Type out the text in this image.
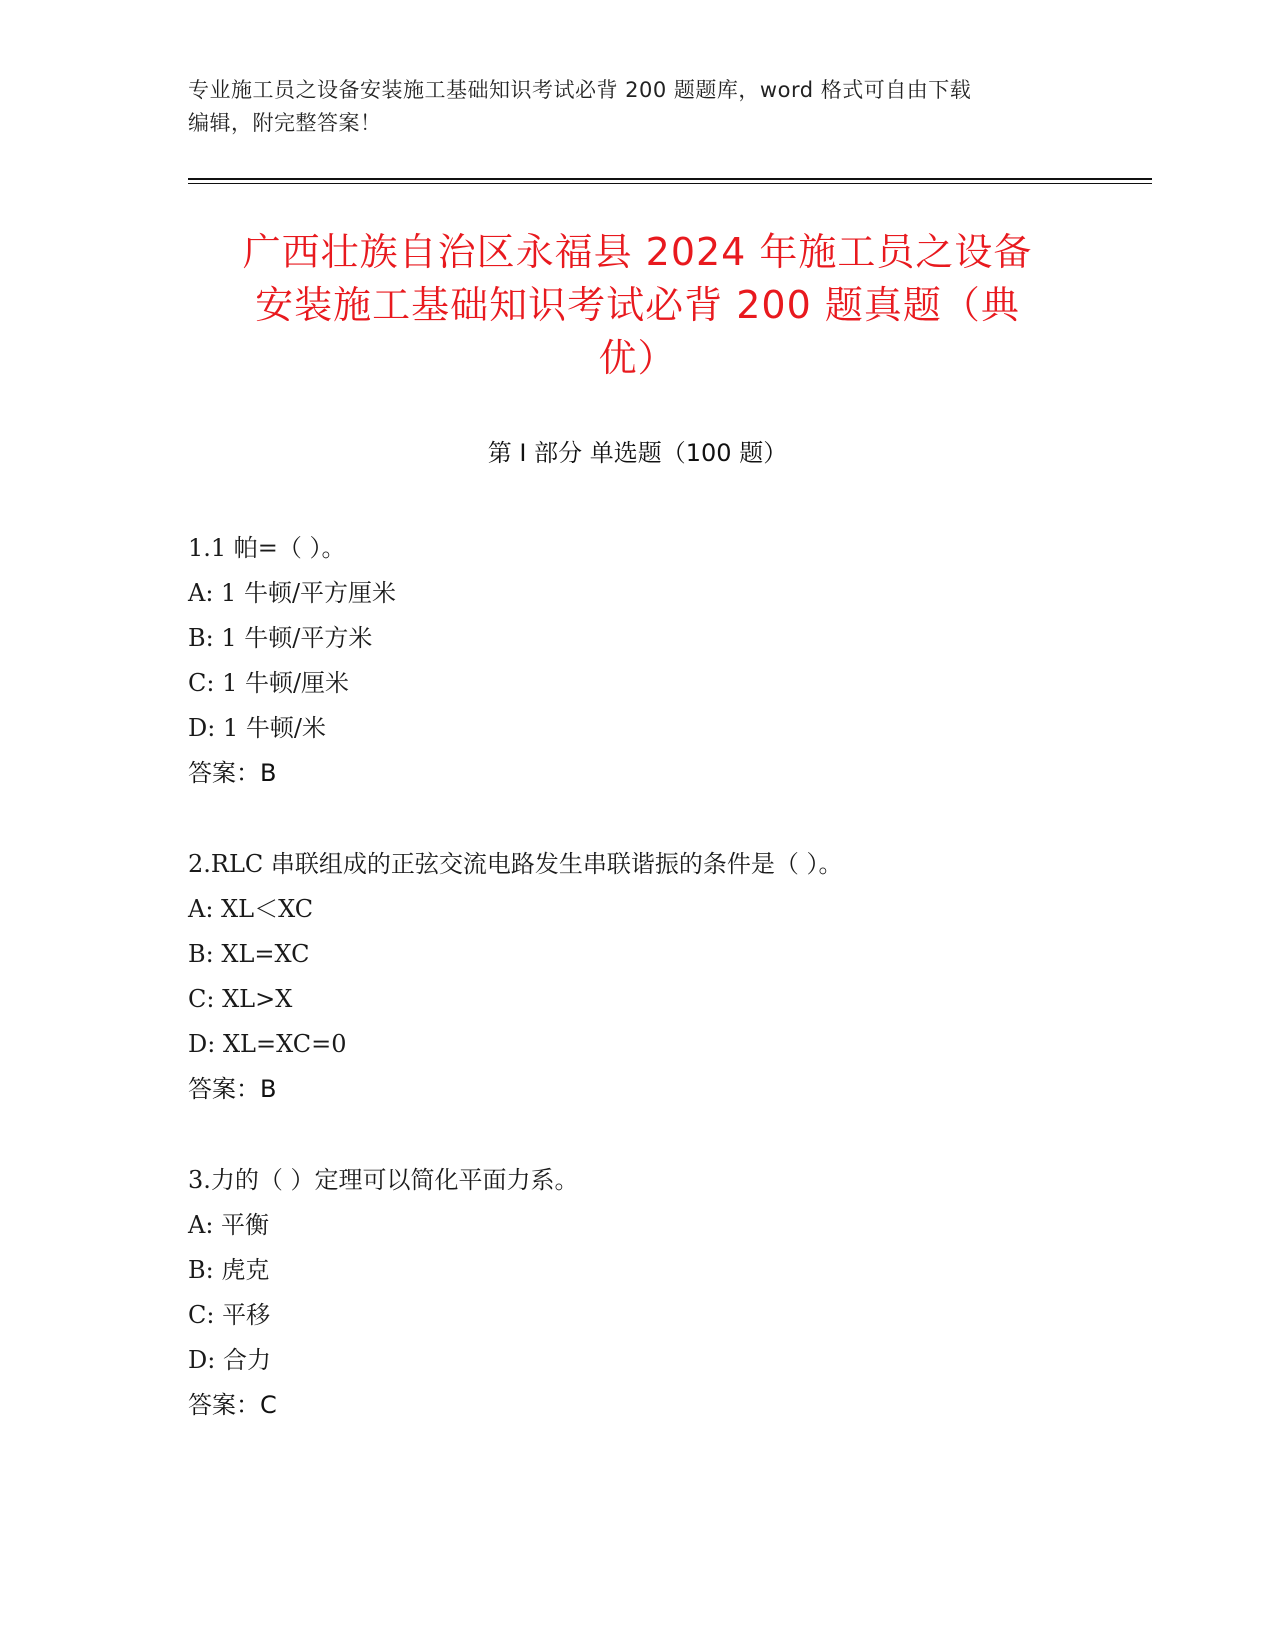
专业施工员之设备安装施工基础知识考试必背 200 题题库，word 格式可自由下载
编辑，附完整答案！
广西壮族自治区永福县 2024 年施工员之设备
安装施工基础知识考试必背 200 题真题（典
优）
第 I 部分 单选题（100 题）
1.1 帕=（ ）。
A: 1 牛顿/平方厘米
B: 1 牛顿/平方米
C: 1 牛顿/厘米
D: 1 牛顿/米
答案：B
2.RLC 串联组成的正弦交流电路发生串联谐振的条件是（ ）。
A: XL＜XC
B: XL=XC
C: XL>X
D: XL=XC=0
答案：B
3.力的（ ）定理可以简化平面力系。
A: 平衡
B: 虎克
C: 平移
D: 合力
答案：C
